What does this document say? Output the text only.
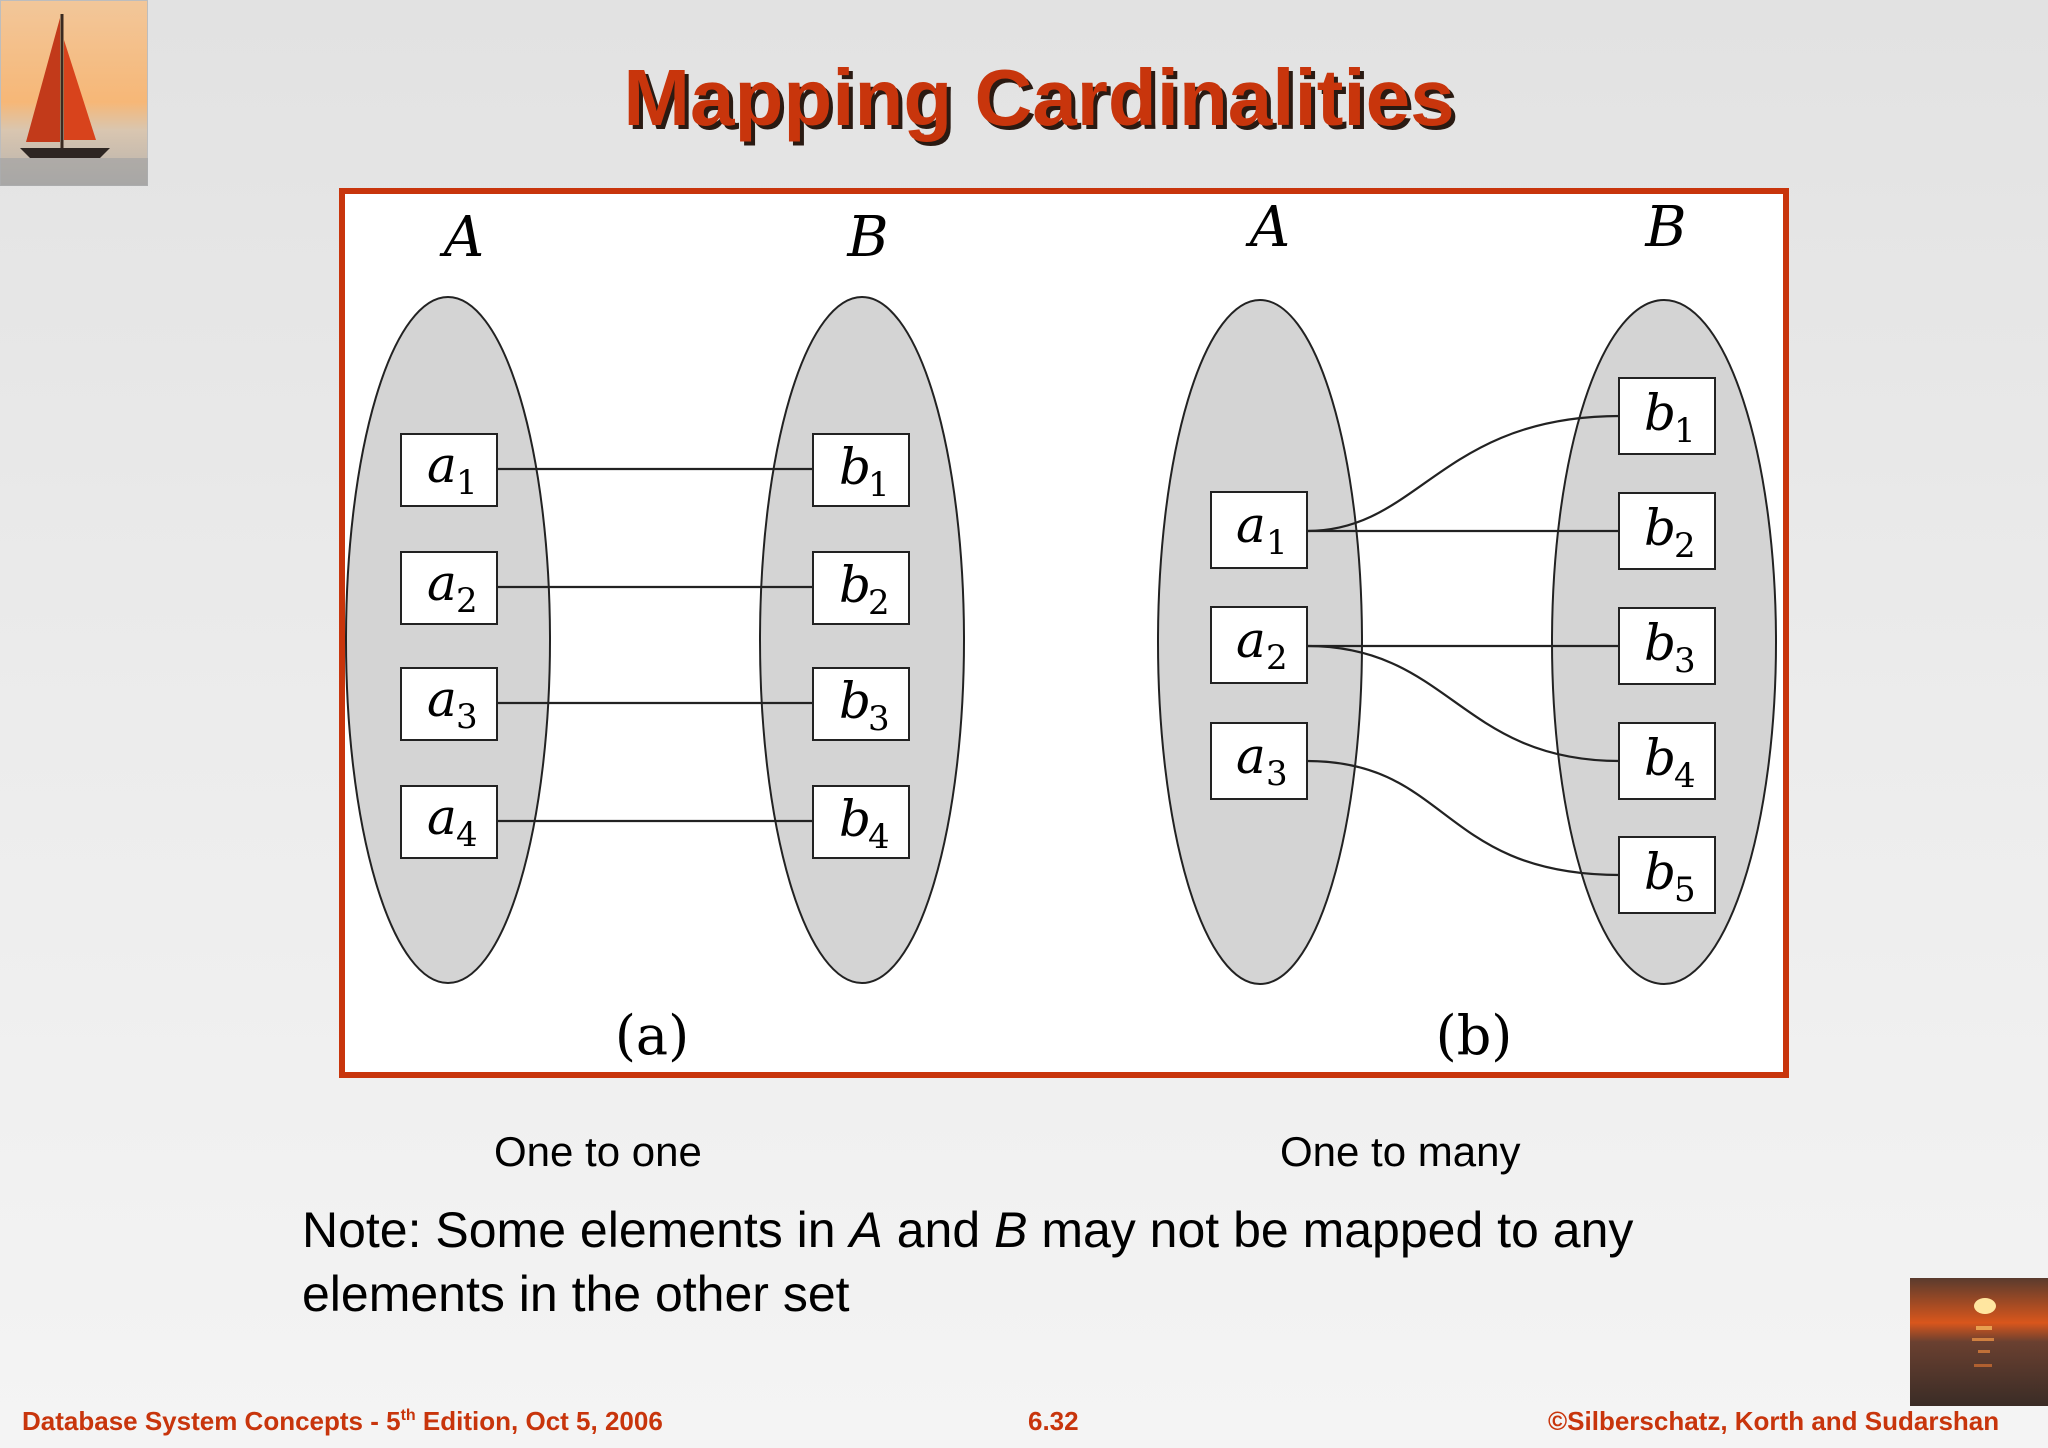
Mapping Cardinalities
A	B
a 1
a 2
a 3
a 4
b
1
b
2
b
3
b
4
(a)
A	B
a 1
a 2
a 3
b
1
b
2
b
3
b
4
b
5
(b)
One to one	One to many
Note: Some elements in A and B may not be mapped to any elements in the other set
Database System Concepts - 5th Edition, Oct 5, 2006	6.32	©Silberschatz, Korth and Sudarshan
